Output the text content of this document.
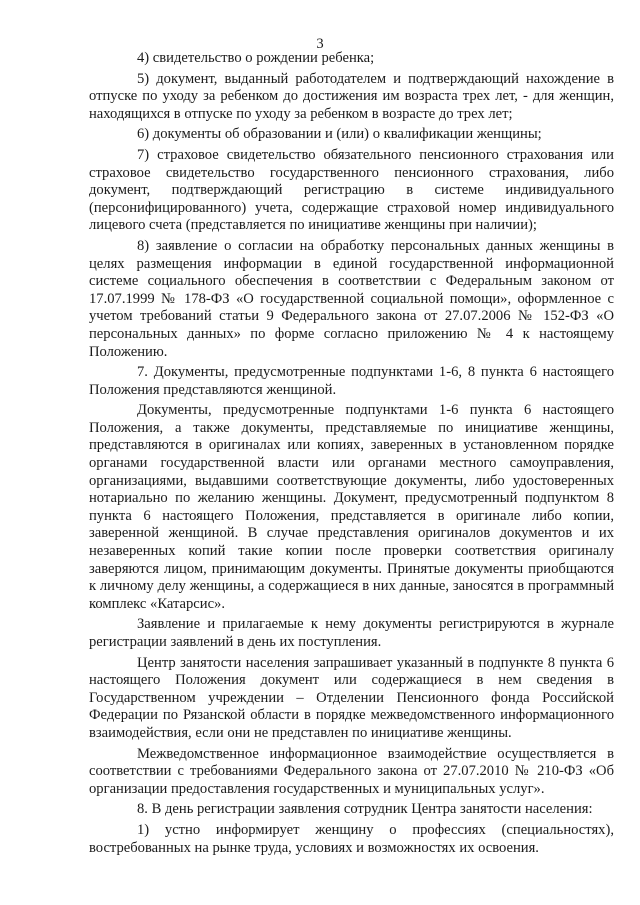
3

4) свидетельство о рождении ребенка;

5) документ, выданный работодателем и подтверждающий нахождение в отпуске по уходу за ребенком до достижения им возраста трех лет, - для женщин, находящихся в отпуске по уходу за ребенком в возрасте до трех лет;

6) документы об образовании и (или) о квалификации женщины;

7) страховое свидетельство обязательного пенсионного страхования или страховое свидетельство государственного пенсионного страхования, либо документ, подтверждающий регистрацию в системе индивидуального (персонифицированного) учета, содержащие страховой номер индивидуального лицевого счета (представляется по инициативе женщины при наличии);

8) заявление о согласии на обработку персональных данных женщины в целях размещения информации в единой государственной информационной системе социального обеспечения в соответствии с Федеральным законом от 17.07.1999 № 178-ФЗ «О государственной социальной помощи», оформленное с учетом требований статьи 9 Федерального закона от 27.07.2006 № 152-ФЗ «О персональных данных» по форме согласно приложению № 4 к настоящему Положению.

7. Документы, предусмотренные подпунктами 1-6, 8 пункта 6 настоящего Положения представляются женщиной.

Документы, предусмотренные подпунктами 1-6 пункта 6 настоящего Положения, а также документы, представляемые по инициативе женщины, представляются в оригиналах или копиях, заверенных в установленном порядке органами государственной власти или органами местного самоуправления, организациями, выдавшими соответствующие документы, либо удостоверенных нотариально по желанию женщины. Документ, предусмотренный подпунктом 8 пункта 6 настоящего Положения, представляется в оригинале либо копии, заверенной женщиной. В случае представления оригиналов документов и их незаверенных копий такие копии после проверки соответствия оригиналу заверяются лицом, принимающим документы. Принятые документы приобщаются к личному делу женщины, а содержащиеся в них данные, заносятся в программный комплекс «Катарсис».

Заявление и прилагаемые к нему документы регистрируются в журнале регистрации заявлений в день их поступления.

Центр занятости населения запрашивает указанный в подпункте 8 пункта 6 настоящего Положения документ или содержащиеся в нем сведения в Государственном учреждении – Отделении Пенсионного фонда Российской Федерации по Рязанской области в порядке межведомственного информационного взаимодействия, если они не представлен по инициативе женщины.

Межведомственное информационное взаимодействие осуществляется в соответствии с требованиями Федерального закона от 27.07.2010 № 210-ФЗ «Об организации предоставления государственных и муниципальных услуг».

8. В день регистрации заявления сотрудник Центра занятости населения:

1) устно информирует женщину о профессиях (специальностях), востребованных на рынке труда, условиях и возможностях их освоения.
